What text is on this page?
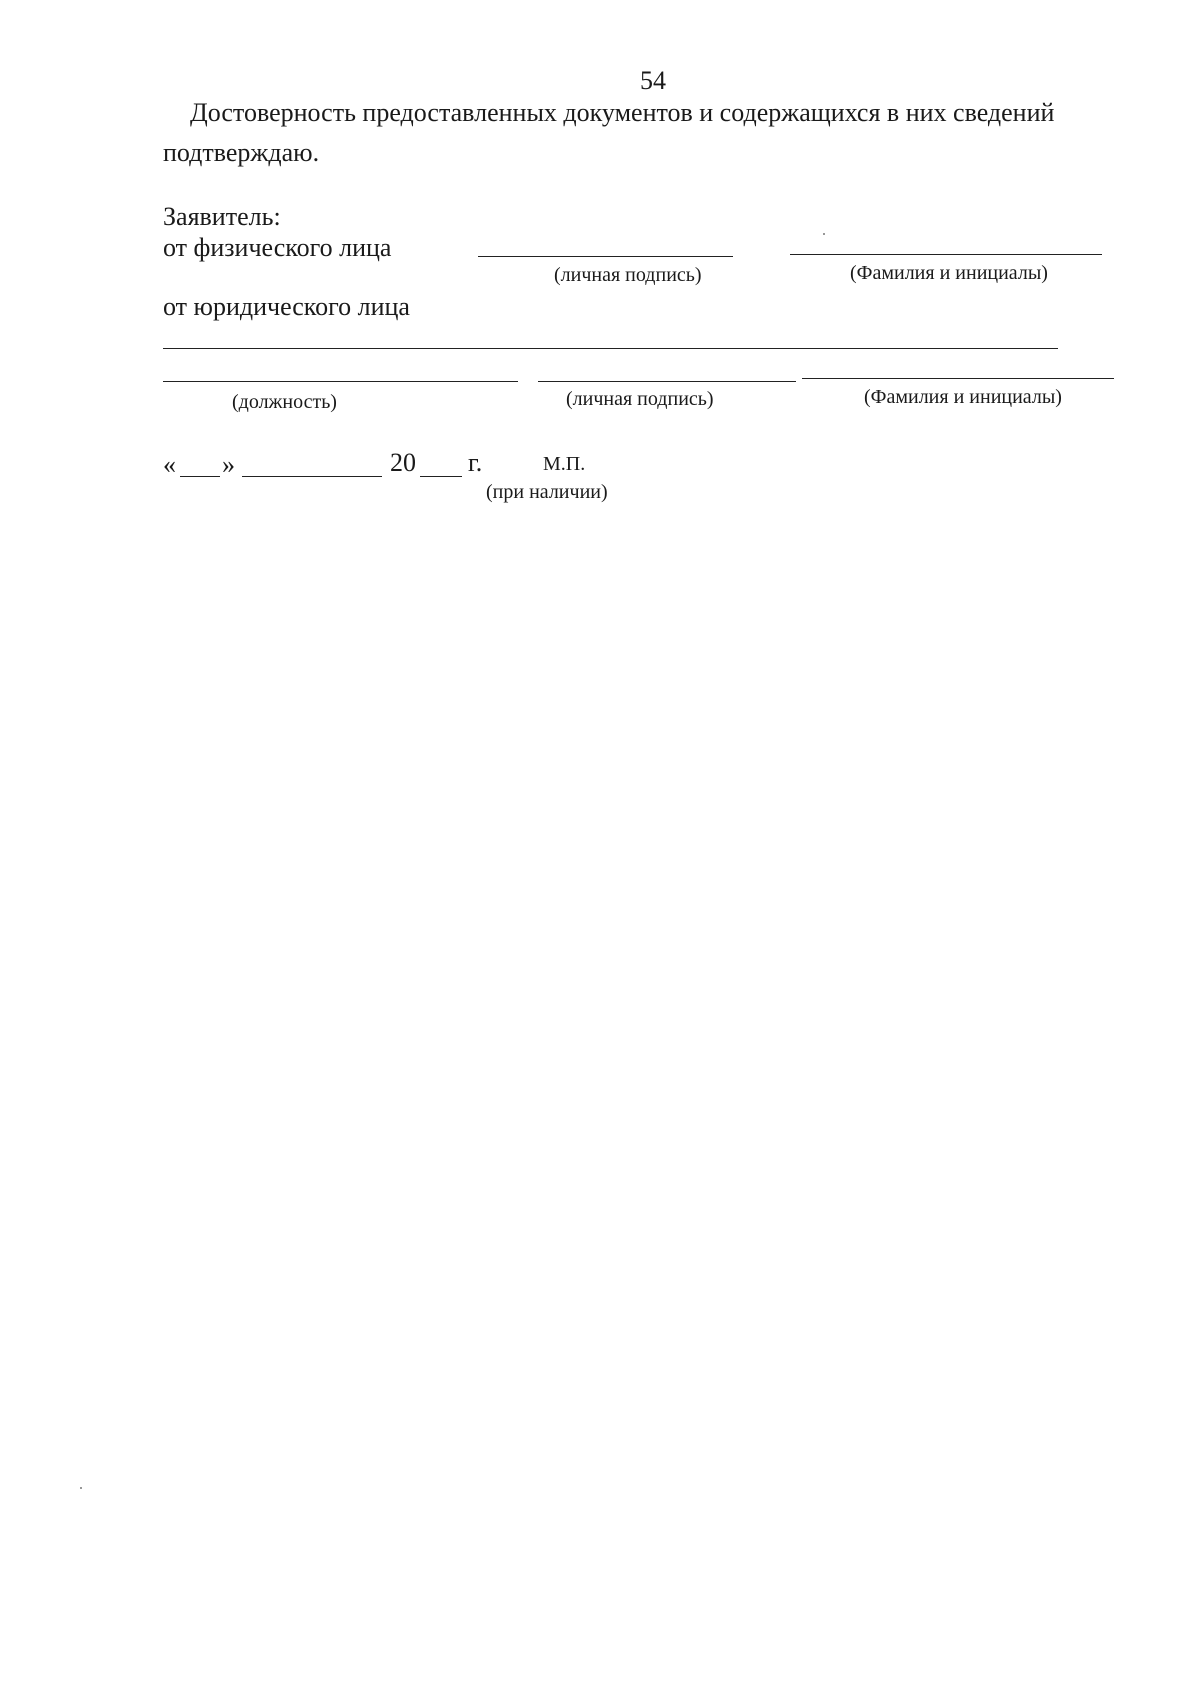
54
Достоверность предоставленных документов и содержащихся в них сведений
подтверждаю.
Заявитель:
от физического лица
(личная подпись)	(Фамилия и инициалы)
от юридического лица
(должность)	(личная подпись)	(Фамилия и инициалы)
« »	20 г.	М.П.
(при наличии)
